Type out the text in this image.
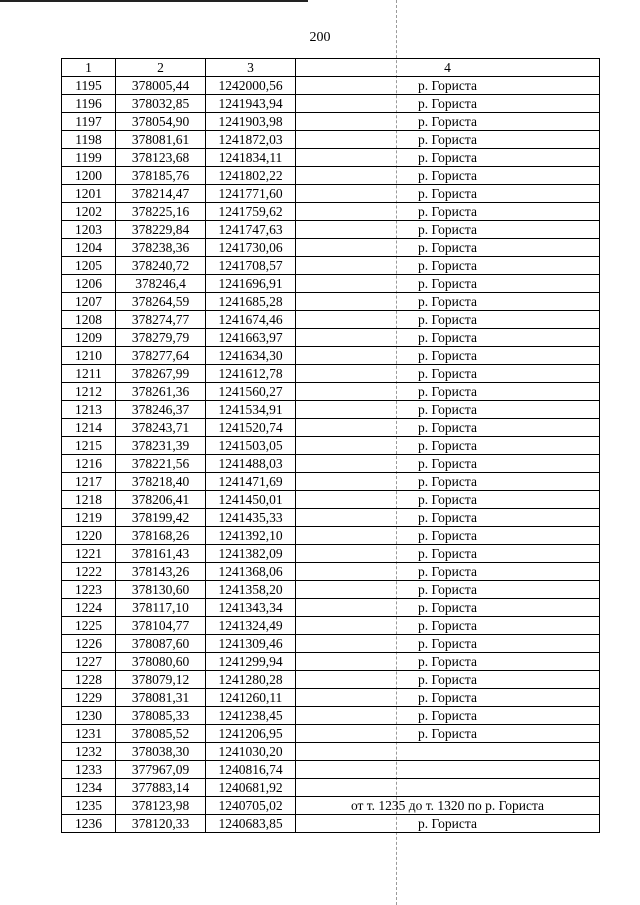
200
1	2	3	4
1195	378005,44	1242000,56	р. Гориста
1196	378032,85	1241943,94	р. Гориста
1197	378054,90	1241903,98	р. Гориста
1198	378081,61	1241872,03	р. Гориста
1199	378123,68	1241834,11	р. Гориста
1200	378185,76	1241802,22	р. Гориста
1201	378214,47	1241771,60	р. Гориста
1202	378225,16	1241759,62	р. Гориста
1203	378229,84	1241747,63	р. Гориста
1204	378238,36	1241730,06	р. Гориста
1205	378240,72	1241708,57	р. Гориста
1206	378246,4	1241696,91	р. Гориста
1207	378264,59	1241685,28	р. Гориста
1208	378274,77	1241674,46	р. Гориста
1209	378279,79	1241663,97	р. Гориста
1210	378277,64	1241634,30	р. Гориста
1211	378267,99	1241612,78	р. Гориста
1212	378261,36	1241560,27	р. Гориста
1213	378246,37	1241534,91	р. Гориста
1214	378243,71	1241520,74	р. Гориста
1215	378231,39	1241503,05	р. Гориста
1216	378221,56	1241488,03	р. Гориста
1217	378218,40	1241471,69	р. Гориста
1218	378206,41	1241450,01	р. Гориста
1219	378199,42	1241435,33	р. Гориста
1220	378168,26	1241392,10	р. Гориста
1221	378161,43	1241382,09	р. Гориста
1222	378143,26	1241368,06	р. Гориста
1223	378130,60	1241358,20	р. Гориста
1224	378117,10	1241343,34	р. Гориста
1225	378104,77	1241324,49	р. Гориста
1226	378087,60	1241309,46	р. Гориста
1227	378080,60	1241299,94	р. Гориста
1228	378079,12	1241280,28	р. Гориста
1229	378081,31	1241260,11	р. Гориста
1230	378085,33	1241238,45	р. Гориста
1231	378085,52	1241206,95	р. Гориста
1232	378038,30	1241030,20	
1233	377967,09	1240816,74	
1234	377883,14	1240681,92	
1235	378123,98	1240705,02	от т. 1235 до т. 1320 по р. Гориста
1236	378120,33	1240683,85	р. Гориста
